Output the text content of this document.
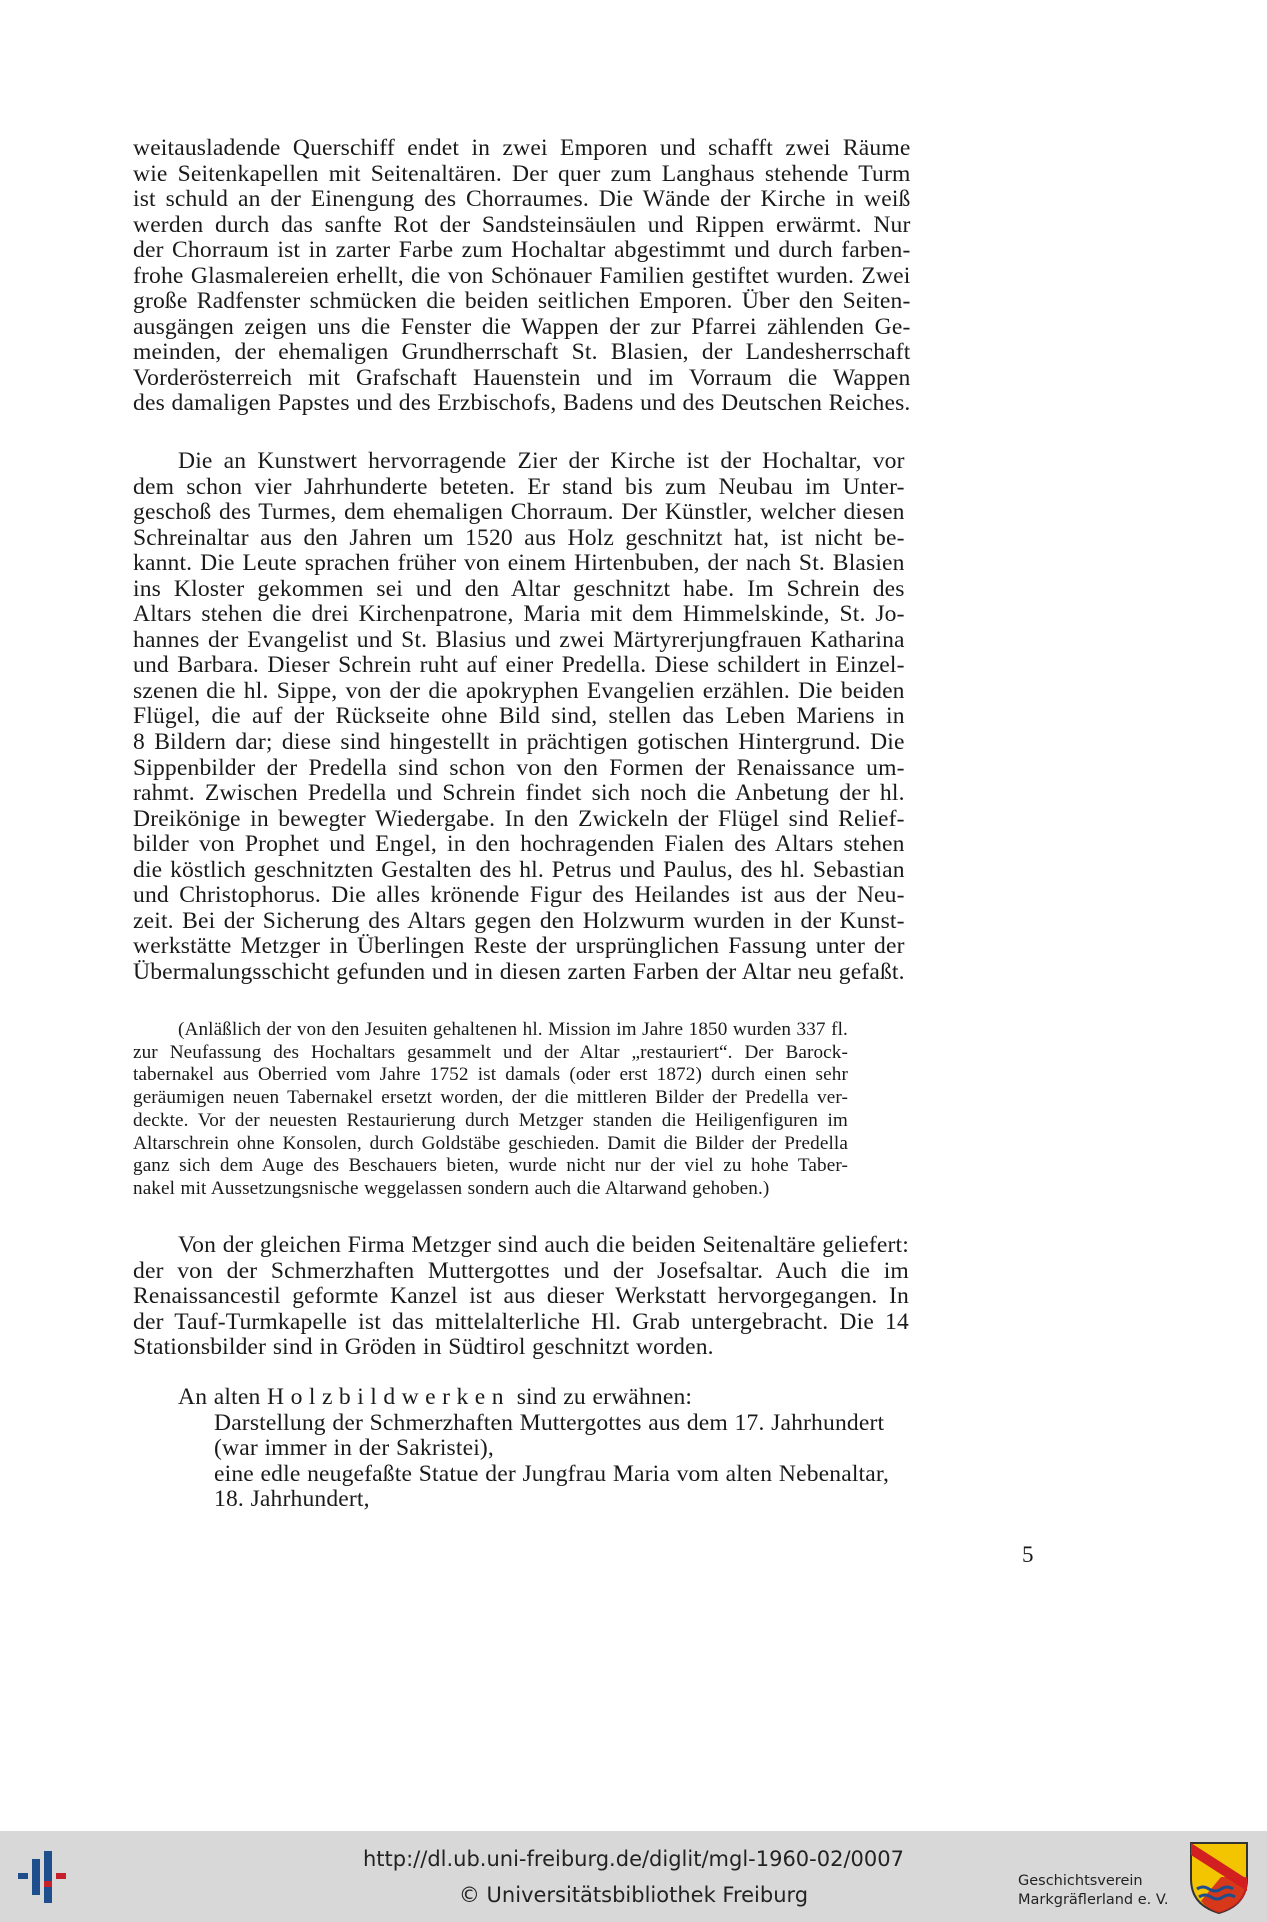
weitausladende Querschiff endet in zwei Emporen und schafft zwei Räume
wie Seitenkapellen mit Seitenaltären. Der quer zum Langhaus stehende Turm
ist schuld an der Einengung des Chorraumes. Die Wände der Kirche in weiß
werden durch das sanfte Rot der Sandsteinsäulen und Rippen erwärmt. Nur
der Chorraum ist in zarter Farbe zum Hochaltar abgestimmt und durch farben-
frohe Glasmalereien erhellt, die von Schönauer Familien gestiftet wurden. Zwei
große Radfenster schmücken die beiden seitlichen Emporen. Über den Seiten-
ausgängen zeigen uns die Fenster die Wappen der zur Pfarrei zählenden Ge-
meinden, der ehemaligen Grundherrschaft St. Blasien, der Landesherrschaft
Vorderösterreich mit Grafschaft Hauenstein und im Vorraum die Wappen
des damaligen Papstes und des Erzbischofs, Badens und des Deutschen Reiches.

Die an Kunstwert hervorragende Zier der Kirche ist der Hochaltar, vor
dem schon vier Jahrhunderte beteten. Er stand bis zum Neubau im Unter-
geschoß des Turmes, dem ehemaligen Chorraum. Der Künstler, welcher diesen
Schreinaltar aus den Jahren um 1520 aus Holz geschnitzt hat, ist nicht be-
kannt. Die Leute sprachen früher von einem Hirtenbuben, der nach St. Blasien
ins Kloster gekommen sei und den Altar geschnitzt habe. Im Schrein des
Altars stehen die drei Kirchenpatrone, Maria mit dem Himmelskinde, St. Jo-
hannes der Evangelist und St. Blasius und zwei Märtyrerjungfrauen Katharina
und Barbara. Dieser Schrein ruht auf einer Predella. Diese schildert in Einzel-
szenen die hl. Sippe, von der die apokryphen Evangelien erzählen. Die beiden
Flügel, die auf der Rückseite ohne Bild sind, stellen das Leben Mariens in
8 Bildern dar; diese sind hingestellt in prächtigen gotischen Hintergrund. Die
Sippenbilder der Predella sind schon von den Formen der Renaissance um-
rahmt. Zwischen Predella und Schrein findet sich noch die Anbetung der hl.
Dreikönige in bewegter Wiedergabe. In den Zwickeln der Flügel sind Relief-
bilder von Prophet und Engel, in den hochragenden Fialen des Altars stehen
die köstlich geschnitzten Gestalten des hl. Petrus und Paulus, des hl. Sebastian
und Christophorus. Die alles krönende Figur des Heilandes ist aus der Neu-
zeit. Bei der Sicherung des Altars gegen den Holzwurm wurden in der Kunst-
werkstätte Metzger in Überlingen Reste der ursprünglichen Fassung unter der
Übermalungsschicht gefunden und in diesen zarten Farben der Altar neu gefaßt.

(Anläßlich der von den Jesuiten gehaltenen hl. Mission im Jahre 1850 wurden 337 fl.
zur Neufassung des Hochaltars gesammelt und der Altar „restauriert“. Der Barock-
tabernakel aus Oberried vom Jahre 1752 ist damals (oder erst 1872) durch einen sehr
geräumigen neuen Tabernakel ersetzt worden, der die mittleren Bilder der Predella ver-
deckte. Vor der neuesten Restaurierung durch Metzger standen die Heiligenfiguren im
Altarschrein ohne Konsolen, durch Goldstäbe geschieden. Damit die Bilder der Predella
ganz sich dem Auge des Beschauers bieten, wurde nicht nur der viel zu hohe Taber-
nakel mit Aussetzungsnische weggelassen sondern auch die Altarwand gehoben.)

Von der gleichen Firma Metzger sind auch die beiden Seitenaltäre geliefert:
der von der Schmerzhaften Muttergottes und der Josefsaltar. Auch die im
Renaissancestil geformte Kanzel ist aus dieser Werkstatt hervorgegangen. In
der Tauf-Turmkapelle ist das mittelalterliche Hl. Grab untergebracht. Die 14
Stationsbilder sind in Gröden in Südtirol geschnitzt worden.

An alten Holzbildwerken sind zu erwähnen:
Darstellung der Schmerzhaften Muttergottes aus dem 17. Jahrhundert
(war immer in der Sakristei),
eine edle neugefaßte Statue der Jungfrau Maria vom alten Nebenaltar,
18. Jahrhundert,

5
http://dl.ub.uni-freiburg.de/diglit/mgl-1960-02/0007
© Universitätsbibliothek Freiburg
Geschichtsverein
Markgräflerland e. V.
